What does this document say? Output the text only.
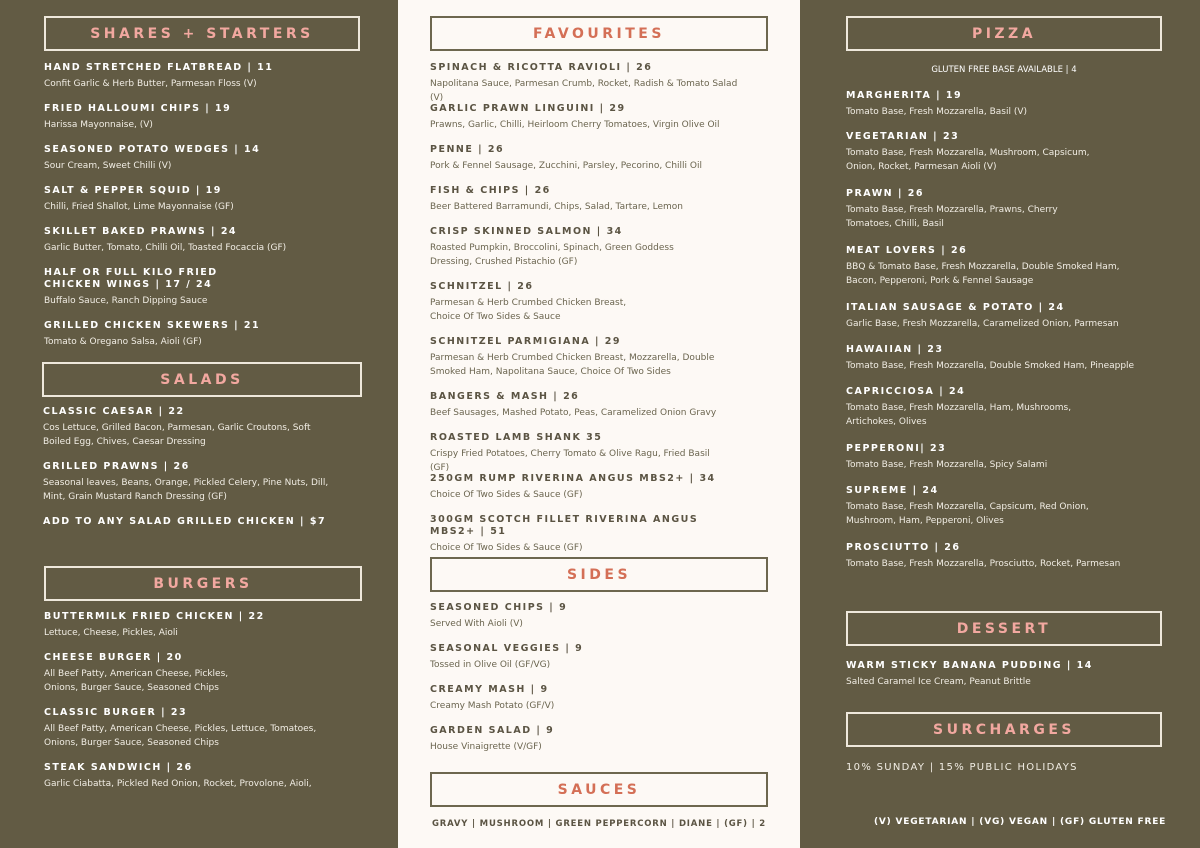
SHARES + STARTERS
HAND STRETCHED FLATBREAD | 11
Confit Garlic & Herb Butter, Parmesan Floss (V)
FRIED HALLOUMI CHIPS | 19
Harissa Mayonnaise, (V)
SEASONED POTATO WEDGES | 14
Sour Cream, Sweet Chilli (V)
SALT & PEPPER SQUID | 19
Chilli, Fried Shallot, Lime Mayonnaise (GF)
SKILLET BAKED PRAWNS | 24
Garlic Butter, Tomato, Chilli Oil, Toasted Focaccia (GF)
HALF OR FULL KILO FRIED CHICKEN WINGS | 17 / 24
Buffalo Sauce, Ranch Dipping Sauce
GRILLED CHICKEN SKEWERS | 21
Tomato & Oregano Salsa, Aioli (GF)
SALADS
CLASSIC CAESAR | 22
Cos Lettuce, Grilled Bacon, Parmesan, Garlic Croutons, Soft Boiled Egg, Chives, Caesar Dressing
GRILLED PRAWNS | 26
Seasonal leaves, Beans, Orange, Pickled Celery, Pine Nuts, Dill, Mint, Grain Mustard Ranch Dressing (GF)
ADD TO ANY SALAD GRILLED CHICKEN | $7
BURGERS
BUTTERMILK FRIED CHICKEN | 22
Lettuce, Cheese, Pickles, Aioli
CHEESE BURGER | 20
All Beef Patty, American Cheese, Pickles, Onions, Burger Sauce, Seasoned Chips
CLASSIC BURGER | 23
All Beef Patty, American Cheese, Pickles, Lettuce, Tomatoes, Onions, Burger Sauce, Seasoned Chips
STEAK SANDWICH | 26
Garlic Ciabatta, Pickled Red Onion, Rocket, Provolone, Aioli,
FAVOURITES
SPINACH & RICOTTA RAVIOLI | 26
Napolitana Sauce, Parmesan Crumb, Rocket, Radish & Tomato Salad (V)
GARLIC PRAWN LINGUINI | 29
Prawns, Garlic, Chilli, Heirloom Cherry Tomatoes, Virgin Olive Oil
PENNE | 26
Pork & Fennel Sausage, Zucchini, Parsley, Pecorino, Chilli Oil
FISH & CHIPS | 26
Beer Battered Barramundi, Chips, Salad, Tartare, Lemon
CRISP SKINNED SALMON | 34
Roasted Pumpkin, Broccolini, Spinach, Green Goddess Dressing, Crushed Pistachio (GF)
SCHNITZEL | 26
Parmesan & Herb Crumbed Chicken Breast, Choice Of Two Sides & Sauce
SCHNITZEL PARMIGIANA | 29
Parmesan & Herb Crumbed Chicken Breast, Mozzarella, Double Smoked Ham, Napolitana Sauce, Choice Of Two Sides
BANGERS & MASH | 26
Beef Sausages, Mashed Potato, Peas, Caramelized Onion Gravy
ROASTED LAMB SHANK 35
Crispy Fried Potatoes, Cherry Tomato & Olive Ragu, Fried Basil (GF)
250GM RUMP RIVERINA ANGUS MBS2+ | 34
Choice Of Two Sides & Sauce (GF)
300GM SCOTCH FILLET RIVERINA ANGUS MBS2+ | 51
Choice Of Two Sides & Sauce (GF)
SIDES
SEASONED CHIPS | 9
Served With Aioli (V)
SEASONAL VEGGIES | 9
Tossed in Olive Oil (GF/VG)
CREAMY MASH | 9
Creamy Mash Potato (GF/V)
GARDEN SALAD | 9
House Vinaigrette (V/GF)
SAUCES
GRAVY | MUSHROOM | GREEN PEPPERCORN | DIANE | (GF) | 2
PIZZA
GLUTEN FREE BASE AVAILABLE | 4
MARGHERITA | 19
Tomato Base, Fresh Mozzarella, Basil (V)
VEGETARIAN | 23
Tomato Base, Fresh Mozzarella, Mushroom, Capsicum, Onion, Rocket, Parmesan Aioli (V)
PRAWN | 26
Tomato Base, Fresh Mozzarella, Prawns, Cherry Tomatoes, Chilli, Basil
MEAT LOVERS | 26
BBQ & Tomato Base, Fresh Mozzarella, Double Smoked Ham, Bacon, Pepperoni, Pork & Fennel Sausage
ITALIAN SAUSAGE & POTATO | 24
Garlic Base, Fresh Mozzarella, Caramelized Onion, Parmesan
HAWAIIAN | 23
Tomato Base, Fresh Mozzarella, Double Smoked Ham, Pineapple
CAPRICCIOSA | 24
Tomato Base, Fresh Mozzarella, Ham, Mushrooms, Artichokes, Olives
PEPPERONI| 23
Tomato Base, Fresh Mozzarella, Spicy Salami
SUPREME | 24
Tomato Base, Fresh Mozzarella, Capsicum, Red Onion, Mushroom, Ham, Pepperoni, Olives
PROSCIUTTO | 26
Tomato Base, Fresh Mozzarella, Prosciutto, Rocket, Parmesan
DESSERT
WARM STICKY BANANA PUDDING | 14
Salted Caramel Ice Cream, Peanut Brittle
SURCHARGES
10% SUNDAY | 15% PUBLIC HOLIDAYS
(V) VEGETARIAN | (VG) VEGAN | (GF) GLUTEN FREE
